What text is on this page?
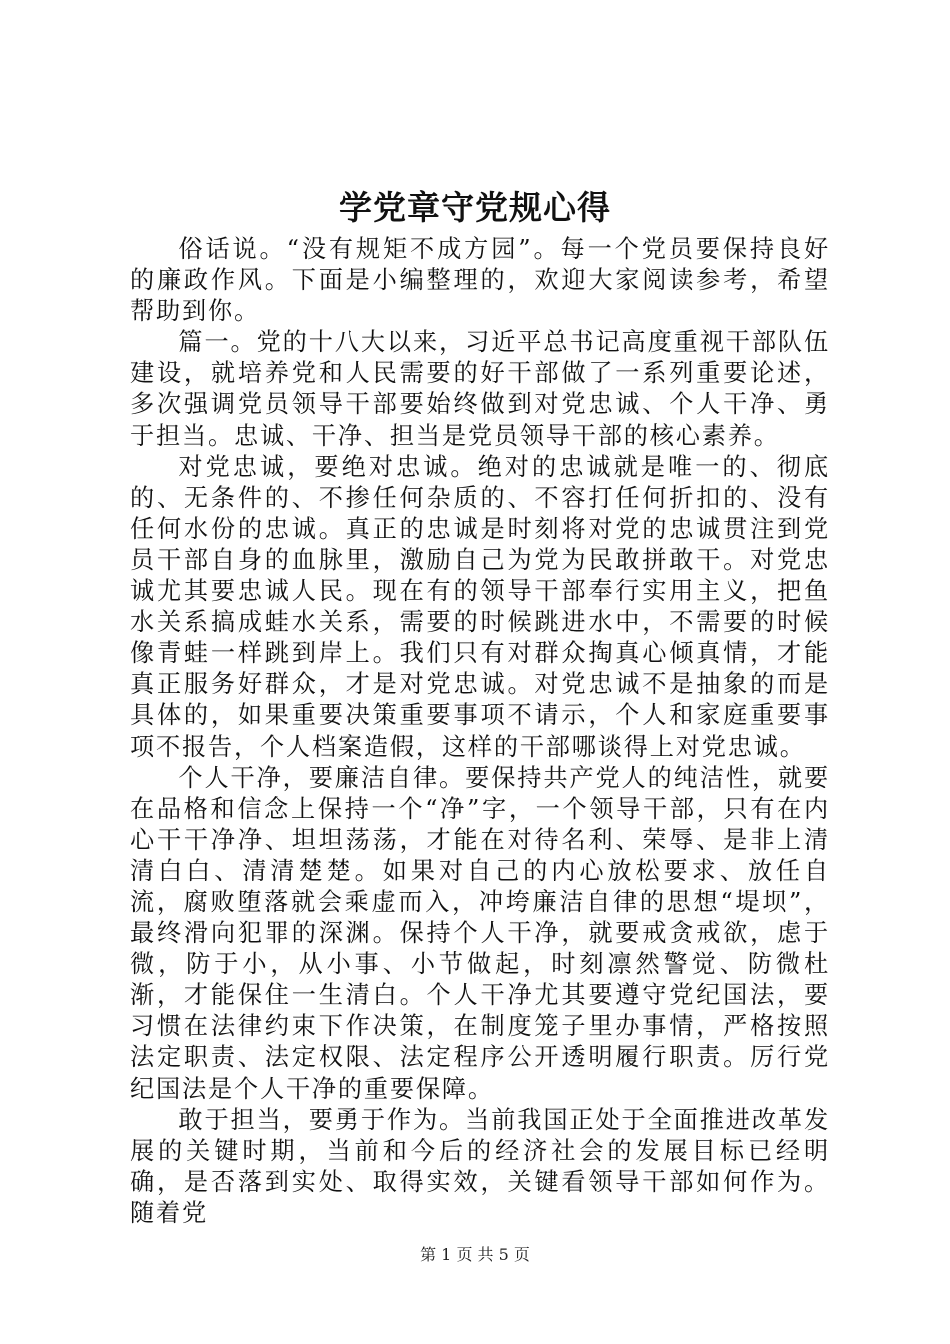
学党章守党规心得

俗话说。“没有规矩不成方园”。每一个党员要保持良好的廉政作风。下面是小编整理的，欢迎大家阅读参考，希望帮助到你。

篇一。党的十八大以来，习近平总书记高度重视干部队伍建设，就培养党和人民需要的好干部做了一系列重要论述，多次强调党员领导干部要始终做到对党忠诚、个人干净、勇于担当。忠诚、干净、担当是党员领导干部的核心素养。

对党忠诚，要绝对忠诚。绝对的忠诚就是唯一的、彻底的、无条件的、不掺任何杂质的、不容打任何折扣的、没有任何水份的忠诚。真正的忠诚是时刻将对党的忠诚贯注到党员干部自身的血脉里，激励自己为党为民敢拼敢干。对党忠诚尤其要忠诚人民。现在有的领导干部奉行实用主义，把鱼水关系搞成蛙水关系，需要的时候跳进水中，不需要的时候像青蛙一样跳到岸上。我们只有对群众掏真心倾真情，才能真正服务好群众，才是对党忠诚。对党忠诚不是抽象的而是具体的，如果重要决策重要事项不请示，个人和家庭重要事项不报告，个人档案造假，这样的干部哪谈得上对党忠诚。

个人干净，要廉洁自律。要保持共产党人的纯洁性，就要在品格和信念上保持一个“净”字，一个领导干部，只有在内心干干净净、坦坦荡荡，才能在对待名利、荣辱、是非上清清白白、清清楚楚。如果对自己的内心放松要求、放任自流，腐败堕落就会乘虚而入，冲垮廉洁自律的思想“堤坝”，最终滑向犯罪的深渊。保持个人干净，就要戒贪戒欲，虑于微，防于小，从小事、小节做起，时刻凛然警觉、防微杜渐，才能保住一生清白。个人干净尤其要遵守党纪国法，要习惯在法律约束下作决策，在制度笼子里办事情，严格按照法定职责、法定权限、法定程序公开透明履行职责。厉行党纪国法是个人干净的重要保障。

敢于担当，要勇于作为。当前我国正处于全面推进改革发展的关键时期，当前和今后的经济社会的发展目标已经明确，是否落到实处、取得实效，关键看领导干部如何作为。随着党

第 1 页 共 5 页
